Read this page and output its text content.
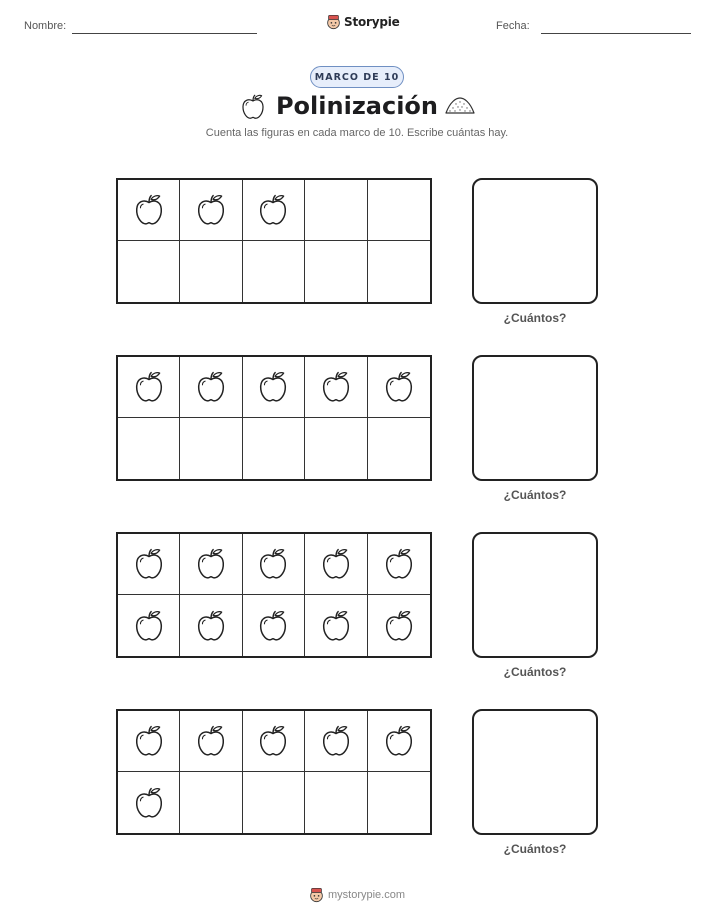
Nombre:	Storypie	Fecha:
MARCO DE 10
Polinización
Cuenta las figuras en cada marco de 10. Escribe cuántas hay.
¿Cuántos?
¿Cuántos?
¿Cuántos?
¿Cuántos?
mystorypie.com
